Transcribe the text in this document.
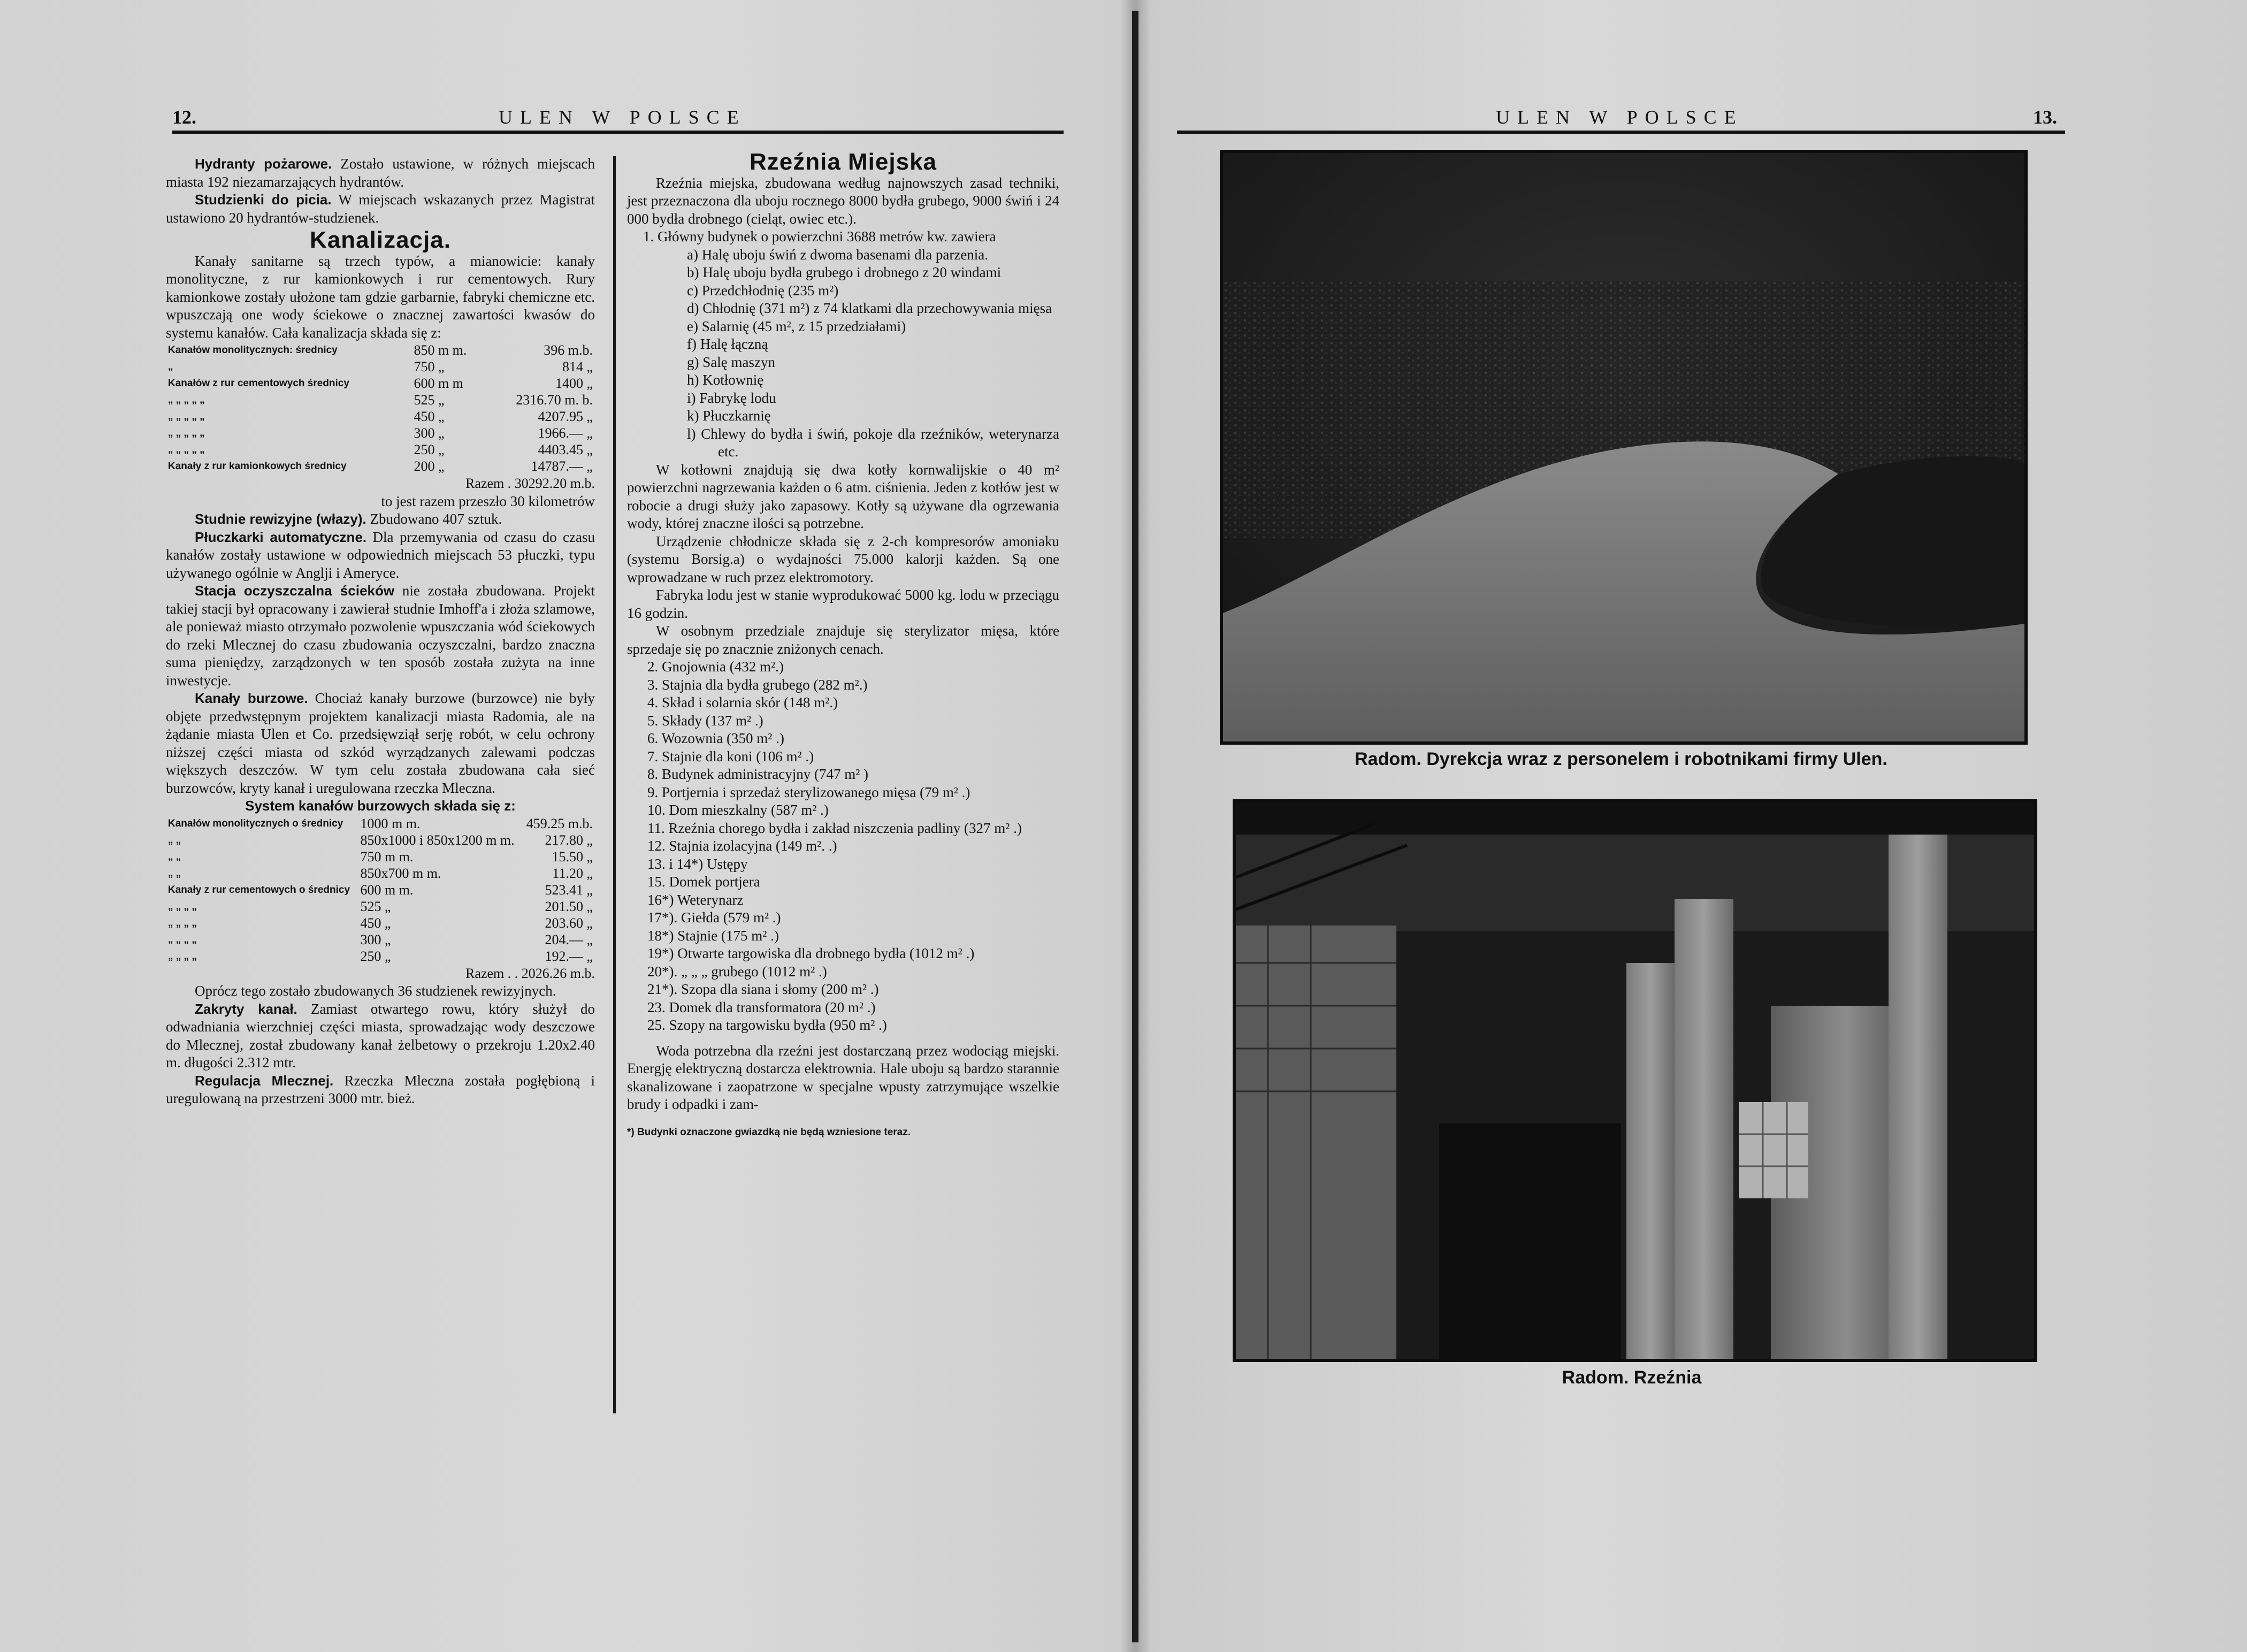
12.	ULEN W POLSCE

Hydranty pożarowe. Zostało ustawione, w różnych miejscach miasta 192 niezamarzających hydrantów.

Studzienki do picia. W miejscach wskazanych przez Magistrat ustawiono 20 hydrantów-studzienek.

Kanalizacja.

Kanały sanitarne są trzech typów, a mianowicie: kanały monolityczne, z rur kamionkowych i rur cementowych. Rury kamionkowe zostały ułożone tam gdzie garbarnie, fabryki chemiczne etc. wpuszczają one wody ściekowe o znacznej zawartości kwasów do systemu kanałów. Cała kanalizacja składa się z:

Kanałów monolitycznych: średnicy	850 m m.	396 m.b.
„	750 „	814 „
Kanałów z rur cementowych średnicy	600 m m	1400 „
„ „ „ „ „	525 „	2316.70 m. b.
„ „ „ „ „	450 „	4207.95 „
„ „ „ „ „	300 „	1966.— „
„ „ „ „ „	250 „	4403.45 „
Kanały z rur kamionkowych średnicy	200 „	14787.— „
Razem . 30292.20 m.b.
to jest razem przeszło 30 kilometrów

Studnie rewizyjne (włazy). Zbudowano 407 sztuk.

Płuczkarki automatyczne. Dla przemywania od czasu do czasu kanałów zostały ustawione w odpowiednich miejscach 53 płuczki, typu używanego ogólnie w Anglji i Ameryce.

Stacja oczyszczalna ścieków nie została zbudowana. Projekt takiej stacji był opracowany i zawierał studnie Imhoff'a i złoża szlamowe, ale ponieważ miasto otrzymało pozwolenie wpuszczania wód ściekowych do rzeki Mlecznej do czasu zbudowania oczyszczalni, bardzo znaczna suma pieniędzy, zarządzonych w ten sposób została zużyta na inne inwestycje.

Kanały burzowe. Chociaż kanały burzowe (burzowce) nie były objęte przedwstępnym projektem kanalizacji miasta Radomia, ale na żądanie miasta Ulen et Co. przedsięwziął serję robót, w celu ochrony niższej części miasta od szkód wyrządzanych zalewami podczas większych deszczów. W tym celu została zbudowana cała sieć burzowców, kryty kanał i uregulowana rzeczka Mleczna.

System kanałów burzowych składa się z:
Kanałów monolitycznych o średnicy	1000 m m.	459.25 m.b.
„ „	850x1000 i 850x1200 m m.	217.80 „
„ „	750 m m.	15.50 „
„ „	850x700 m m.	11.20 „
Kanały z rur cementowych o średnicy	600 m m.	523.41 „
„ „ „ „	525 „	201.50 „
„ „ „ „	450 „	203.60 „
„ „ „ „	300 „	204.— „
„ „ „ „	250 „	192.— „
Razem . . 2026.26 m.b.

Oprócz tego zostało zbudowanych 36 studzienek rewizyjnych.

Zakryty kanał. Zamiast otwartego rowu, który służył do odwadniania wierzchniej części miasta, sprowadzając wody deszczowe do Mlecznej, został zbudowany kanał żelbetowy o przekroju 1.20x2.40 m. długości 2.312 mtr.

Regulacja Mlecznej. Rzeczka Mleczna została pogłębioną i uregulowaną na przestrzeni 3000 mtr. bież.

Rzeźnia Miejska

Rzeźnia miejska, zbudowana według najnowszych zasad techniki, jest przeznaczona dla uboju rocznego 8000 bydła grubego, 9000 świń i 24 000 bydła drobnego (cieląt, owiec etc.).

1. Główny budynek o powierzchni 3688 metrów kw. zawiera

a) Halę uboju świń z dwoma basenami dla parzenia.
b) Halę uboju bydła grubego i drobnego z 20 windami
c) Przedchłodnię (235 m²)
d) Chłodnię (371 m²) z 74 klatkami dla przechowywania mięsa
e) Salarnię (45 m², z 15 przedziałami)
f) Halę łączną
g) Salę maszyn
h) Kotłownię
i) Fabrykę lodu
k) Płuczkarnię
l) Chlewy do bydła i świń, pokoje dla rzeźników, weterynarza etc.

W kotłowni znajdują się dwa kotły kornwalijskie o 40 m² powierzchni nagrzewania każden o 6 atm. ciśnienia. Jeden z kotłów jest w robocie a drugi służy jako zapasowy. Kotły są używane dla ogrzewania wody, której znaczne ilości są potrzebne.

Urządzenie chłodnicze składa się z 2-ch kompresorów amoniaku (systemu Borsig.a) o wydajności 75.000 kalorji każden. Są one wprowadzane w ruch przez elektromotory.

Fabryka lodu jest w stanie wyprodukować 5000 kg. lodu w przeciągu 16 godzin.

W osobnym przedziale znajduje się sterylizator mięsa, które sprzedaje się po znacznie zniżonych cenach.

2. Gnojownia (432 m².)
3. Stajnia dla bydła grubego (282 m².)
4. Skład i solarnia skór (148 m².)
5. Składy (137 m² .)
6. Wozownia (350 m² .)
7. Stajnie dla koni (106 m² .)
8. Budynek administracyjny (747 m² )
9. Portjernia i sprzedaż sterylizowanego mięsa (79 m² .)
10. Dom mieszkalny (587 m² .)
11. Rzeźnia chorego bydła i zakład niszczenia padliny (327 m² .)
12. Stajnia izolacyjna (149 m². .)
13. i 14*) Ustępy
15. Domek portjera
16*) Weterynarz
17*). Giełda (579 m² .)
18*) Stajnie (175 m² .)
19*) Otwarte targowiska dla drobnego bydła (1012 m² .)
20*). „ „ „ grubego (1012 m² .)
21*). Szopa dla siana i słomy (200 m² .)
23. Domek dla transformatora (20 m² .)
25. Szopy na targowisku bydła (950 m² .)

Woda potrzebna dla rzeźni jest dostarczaną przez wodociąg miejski. Energję elektryczną dostarcza elektrownia. Hale uboju są bardzo starannie skanalizowane i zaopatrzone w specjalne wpusty zatrzymujące wszelkie brudy i odpadki i zam-

*) Budynki oznaczone gwiazdką nie będą wzniesione teraz.
ULEN W POLSCE	13.
Radom. Dyrekcja wraz z personelem i robotnikami firmy Ulen.
Radom. Rzeźnia
